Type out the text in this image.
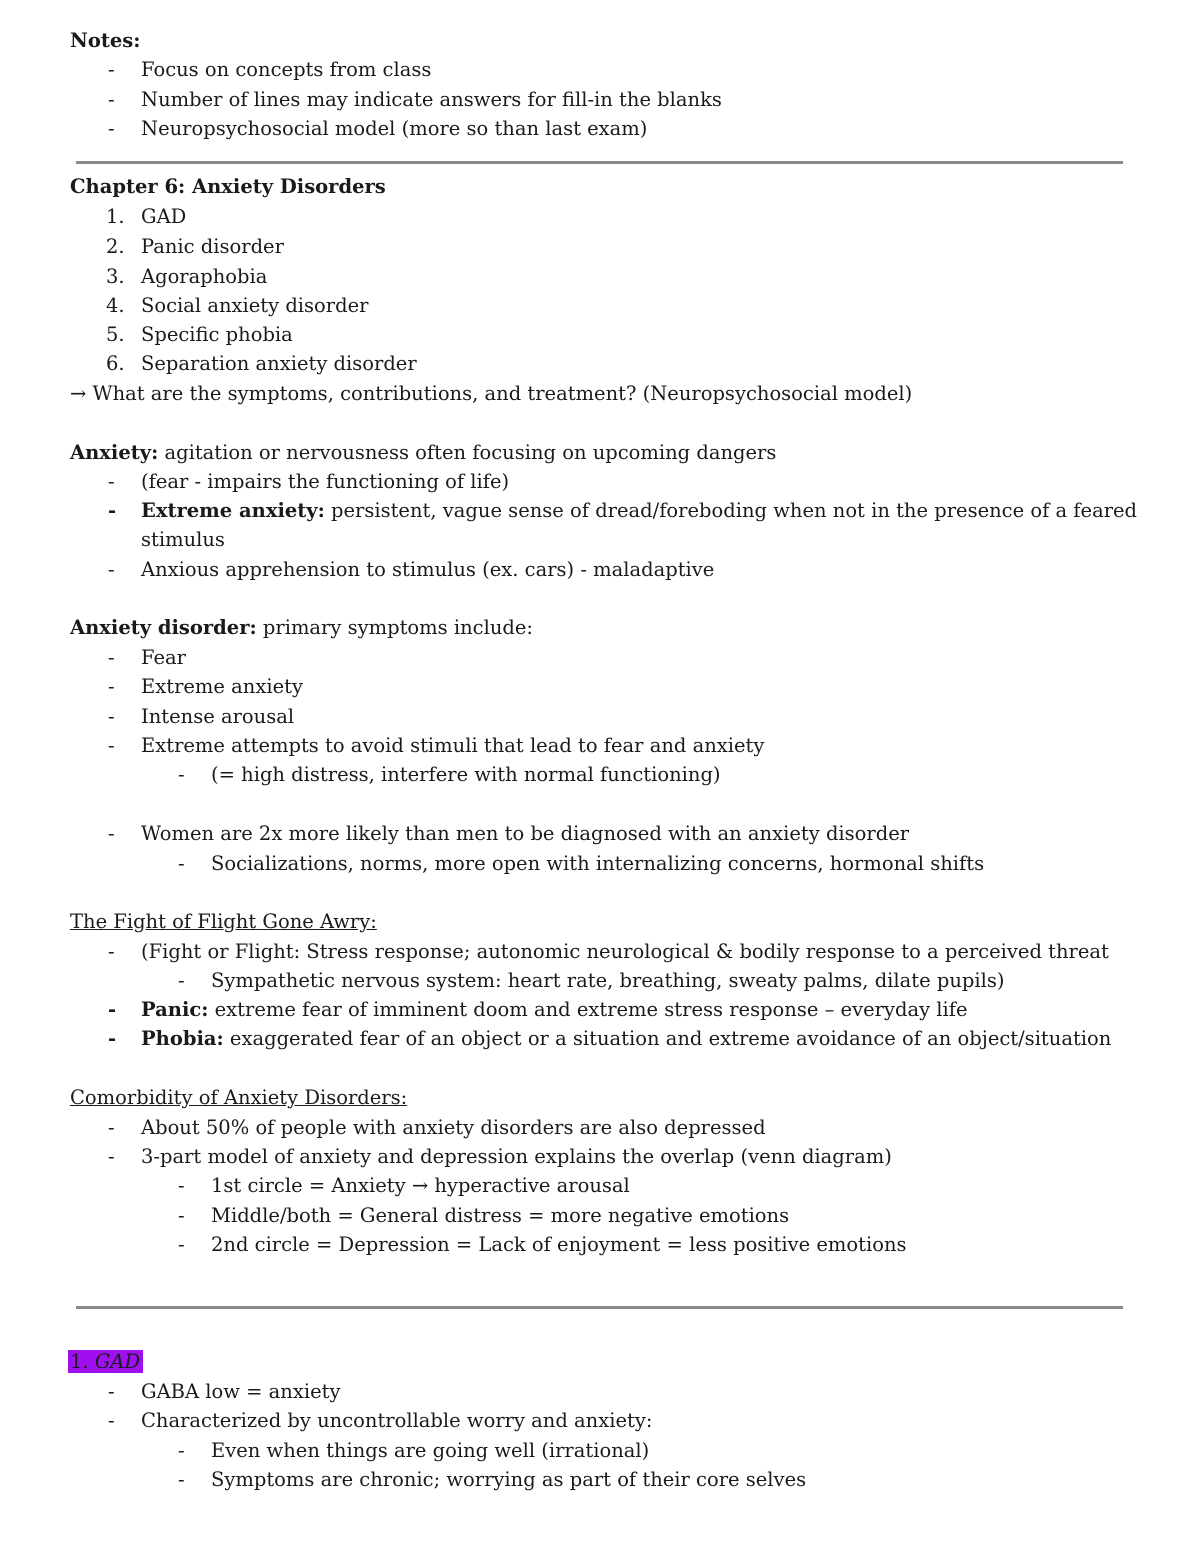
Notes:
- Focus on concepts from class
- Number of lines may indicate answers for fill-in the blanks
- Neuropsychosocial model (more so than last exam)
Chapter 6: Anxiety Disorders
1. GAD
2. Panic disorder
3. Agoraphobia
4. Social anxiety disorder
5. Specific phobia
6. Separation anxiety disorder
→ What are the symptoms, contributions, and treatment? (Neuropsychosocial model)
Anxiety: agitation or nervousness often focusing on upcoming dangers
- (fear - impairs the functioning of life)
- Extreme anxiety: persistent, vague sense of dread/foreboding when not in the presence of a feared
stimulus
- Anxious apprehension to stimulus (ex. cars) - maladaptive
Anxiety disorder: primary symptoms include:
- Fear
- Extreme anxiety
- Intense arousal
- Extreme attempts to avoid stimuli that lead to fear and anxiety
- (= high distress, interfere with normal functioning)
- Women are 2x more likely than men to be diagnosed with an anxiety disorder
- Socializations, norms, more open with internalizing concerns, hormonal shifts
The Fight of Flight Gone Awry:
- (Fight or Flight: Stress response; autonomic neurological & bodily response to a perceived threat
- Sympathetic nervous system: heart rate, breathing, sweaty palms, dilate pupils)
- Panic: extreme fear of imminent doom and extreme stress response – everyday life
- Phobia: exaggerated fear of an object or a situation and extreme avoidance of an object/situation
Comorbidity of Anxiety Disorders:
- About 50% of people with anxiety disorders are also depressed
- 3-part model of anxiety and depression explains the overlap (venn diagram)
- 1st circle = Anxiety → hyperactive arousal
- Middle/both = General distress = more negative emotions
- 2nd circle = Depression = Lack of enjoyment = less positive emotions
1. GAD
- GABA low = anxiety
- Characterized by uncontrollable worry and anxiety:
- Even when things are going well (irrational)
- Symptoms are chronic; worrying as part of their core selves
